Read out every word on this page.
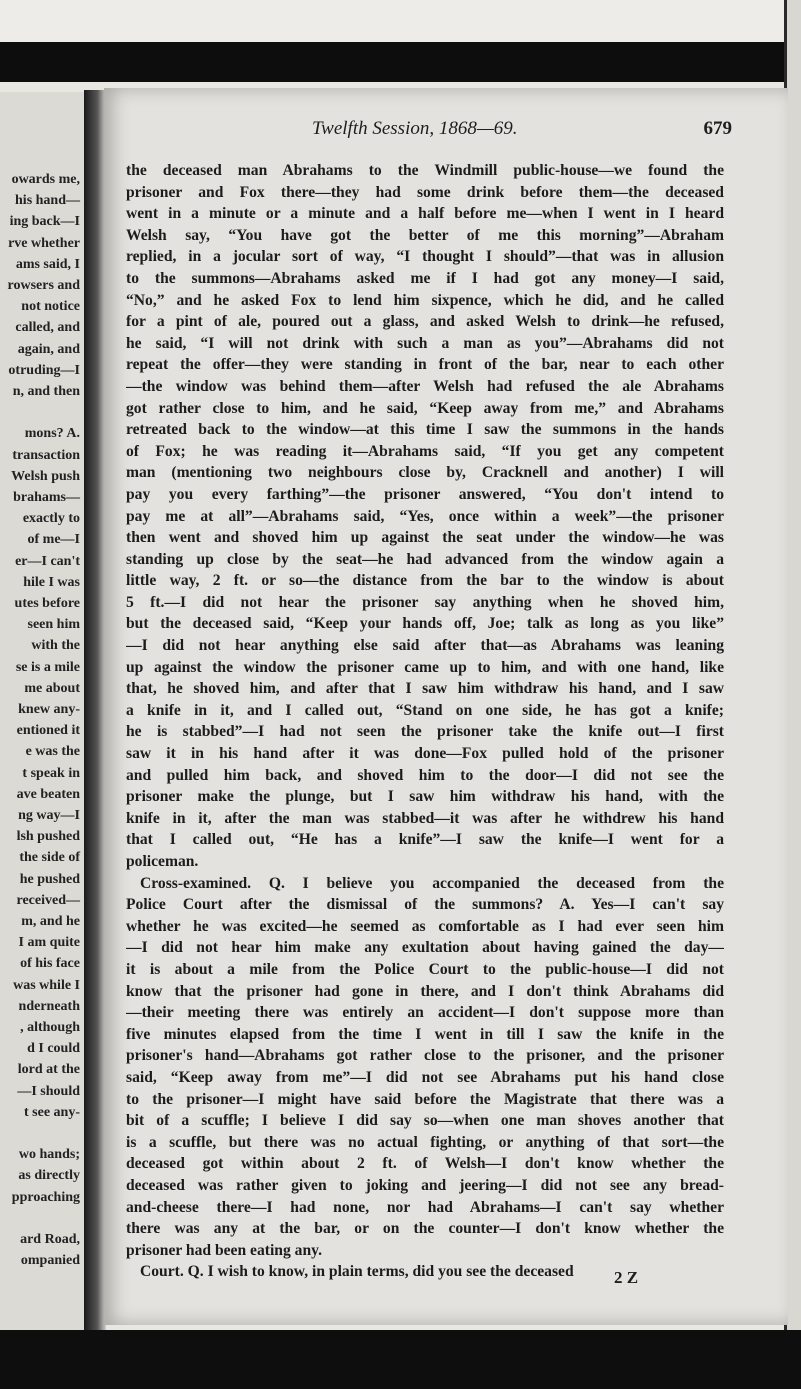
owards me,
his hand—
ing back—I
rve whether
ams said, I
rowsers and
not notice
called, and
again, and
otruding—I
n, and then
mons? A.
transaction
Welsh push
brahams—
exactly to
of me—I
er—I can't
hile I was
utes before
seen him
with the
se is a mile
me about
knew any-
entioned it
e was the
t speak in
ave beaten
ng way—I
lsh pushed
the side of
he pushed
received—
m, and he
I am quite
of his face
was while I
nderneath
, although
d I could
lord at the
—I should
t see any-
wo hands;
as directly
pproaching
ard Road,
ompanied
Twelfth Session, 1868—69.	679
the deceased man Abrahams to the Windmill public-house—we found the
prisoner and Fox there—they had some drink before them—the deceased
went in a minute or a minute and a half before me—when I went in I heard
Welsh say, “You have got the better of me this morning”—Abraham
replied, in a jocular sort of way, “I thought I should”—that was in allusion
to the summons—Abrahams asked me if I had got any money—I said,
“No,” and he asked Fox to lend him sixpence, which he did, and he called
for a pint of ale, poured out a glass, and asked Welsh to drink—he refused,
he said, “I will not drink with such a man as you”—Abrahams did not
repeat the offer—they were standing in front of the bar, near to each other
—the window was behind them—after Welsh had refused the ale Abrahams
got rather close to him, and he said, “Keep away from me,” and Abrahams
retreated back to the window—at this time I saw the summons in the hands
of Fox; he was reading it—Abrahams said, “If you get any competent
man (mentioning two neighbours close by, Cracknell and another) I will
pay you every farthing”—the prisoner answered, “You don't intend to
pay me at all”—Abrahams said, “Yes, once within a week”—the prisoner
then went and shoved him up against the seat under the window—he was
standing up close by the seat—he had advanced from the window again a
little way, 2 ft. or so—the distance from the bar to the window is about
5 ft.—I did not hear the prisoner say anything when he shoved him,
but the deceased said, “Keep your hands off, Joe; talk as long as you like”
—I did not hear anything else said after that—as Abrahams was leaning
up against the window the prisoner came up to him, and with one hand, like
that, he shoved him, and after that I saw him withdraw his hand, and I saw
a knife in it, and I called out, “Stand on one side, he has got a knife;
he is stabbed”—I had not seen the prisoner take the knife out—I first
saw it in his hand after it was done—Fox pulled hold of the prisoner
and pulled him back, and shoved him to the door—I did not see the
prisoner make the plunge, but I saw him withdraw his hand, with the
knife in it, after the man was stabbed—it was after he withdrew his hand
that I called out, “He has a knife”—I saw the knife—I went for a
policeman.
Cross-examined. Q. I believe you accompanied the deceased from the
Police Court after the dismissal of the summons? A. Yes—I can't say
whether he was excited—he seemed as comfortable as I had ever seen him
—I did not hear him make any exultation about having gained the day—
it is about a mile from the Police Court to the public-house—I did not
know that the prisoner had gone in there, and I don't think Abrahams did
—their meeting there was entirely an accident—I don't suppose more than
five minutes elapsed from the time I went in till I saw the knife in the
prisoner's hand—Abrahams got rather close to the prisoner, and the prisoner
said, “Keep away from me”—I did not see Abrahams put his hand close
to the prisoner—I might have said before the Magistrate that there was a
bit of a scuffle; I believe I did say so—when one man shoves another that
is a scuffle, but there was no actual fighting, or anything of that sort—the
deceased got within about 2 ft. of Welsh—I don't know whether the
deceased was rather given to joking and jeering—I did not see any bread-
and-cheese there—I had none, nor had Abrahams—I can't say whether
there was any at the bar, or on the counter—I don't know whether the
prisoner had been eating any.
Court. Q. I wish to know, in plain terms, did you see the deceased	2 Z
